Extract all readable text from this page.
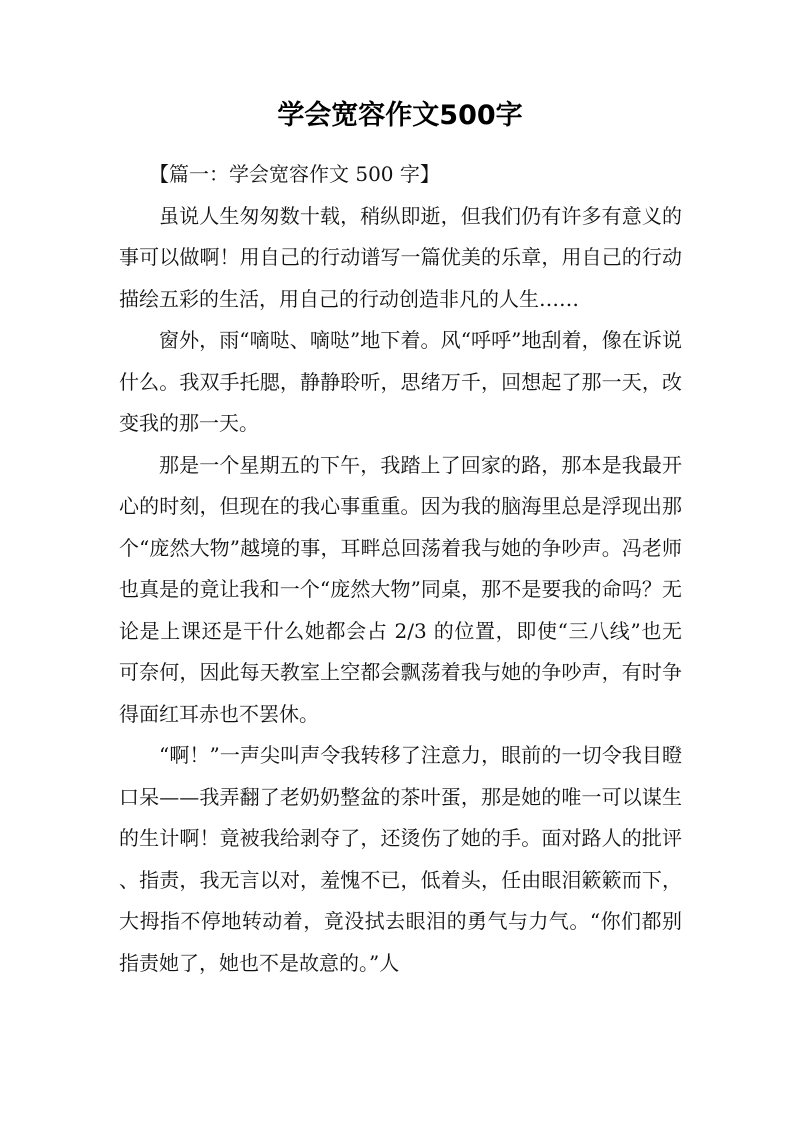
学会宽容作文500字

【篇一：学会宽容作文 500 字】

虽说人生匆匆数十载，稍纵即逝，但我们仍有许多有意义的事可以做啊！用自己的行动谱写一篇优美的乐章，用自己的行动描绘五彩的生活，用自己的行动创造非凡的人生……

窗外，雨“嘀哒、嘀哒”地下着。风“呼呼”地刮着，像在诉说什么。我双手托腮，静静聆听，思绪万千，回想起了那一天，改变我的那一天。

那是一个星期五的下午，我踏上了回家的路，那本是我最开心的时刻，但现在的我心事重重。因为我的脑海里总是浮现出那个“庞然大物”越境的事，耳畔总回荡着我与她的争吵声。冯老师也真是的竟让我和一个“庞然大物”同桌，那不是要我的命吗？无论是上课还是干什么她都会占 2/3 的位置，即使“三八线”也无可奈何，因此每天教室上空都会飘荡着我与她的争吵声，有时争得面红耳赤也不罢休。

“啊！”一声尖叫声令我转移了注意力，眼前的一切令我目瞪口呆——我弄翻了老奶奶整盆的茶叶蛋，那是她的唯一可以谋生的生计啊！竟被我给剥夺了，还烫伤了她的手。面对路人的批评、指责，我无言以对，羞愧不已，低着头，任由眼泪簌簌而下，大拇指不停地转动着，竟没拭去眼泪的勇气与力气。“你们都别指责她了，她也不是故意的。”人
